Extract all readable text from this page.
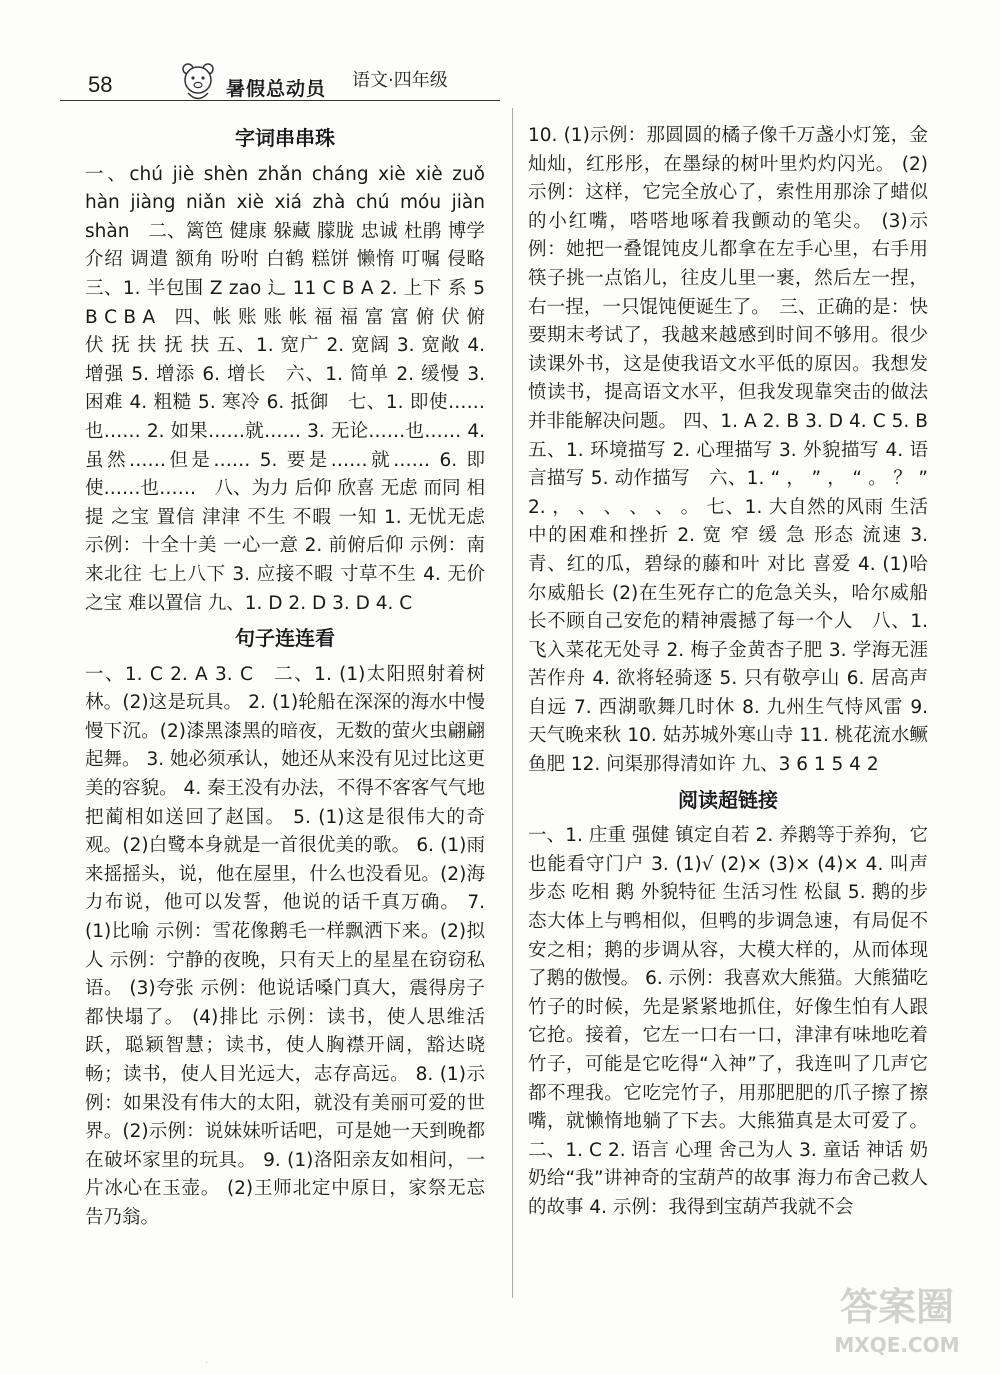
58	暑假总动员 语文·四年级
字词串串珠
一、chú jiè shèn zhǎn cháng xiè xiè zuǒ hàn jiàng niǎn xiè xiá zhà chú móu jiàn shàn　二、篱笆 健康 躲藏 朦胧 忠诚 杜鹃 博学 介绍 调遣 额角 吩咐 白鹤 糕饼 懒惰 叮嘱 侵略　三、1. 半包围 Z zao 辶 11 C B A 2. 上下 系 5 B C B A　四、帐 账 账 帐 福 福 富 富 俯 伏 俯 伏 抚 扶 抚 扶 五、1. 宽广 2. 宽阔 3. 宽敞 4. 增强 5. 增添 6. 增长　六、1. 简单 2. 缓慢 3. 困难 4. 粗糙 5. 寒冷 6. 抵御　七、1. 即使……也…… 2. 如果……就…… 3. 无论……也…… 4. 虽然……但是…… 5. 要是……就…… 6. 即使……也……　八、为力 后仰 欣喜 无虑 而同 相提 之宝 置信 津津 不生 不暇 一知 1. 无忧无虑 示例：十全十美 一心一意 2. 前俯后仰 示例：南来北往 七上八下 3. 应接不暇 寸草不生 4. 无价之宝 难以置信 九、1. D 2. D 3. D 4. C
句子连连看
一、1. C 2. A 3. C　二、1. (1)太阳照射着树林。(2)这是玩具。 2. (1)轮船在深深的海水中慢慢下沉。(2)漆黑漆黑的暗夜，无数的萤火虫翩翩起舞。 3. 她必须承认，她还从来没有见过比这更美的容貌。 4. 秦王没有办法，不得不客客气气地把蔺相如送回了赵国。 5. (1)这是很伟大的奇观。(2)白鹭本身就是一首很优美的歌。 6. (1)雨来摇摇头，说，他在屋里，什么也没看见。(2)海力布说，他可以发誓，他说的话千真万确。 7. (1)比喻 示例：雪花像鹅毛一样飘洒下来。(2)拟人 示例：宁静的夜晚，只有天上的星星在窃窃私语。 (3)夸张 示例：他说话嗓门真大，震得房子都快塌了。 (4)排比 示例：读书，使人思维活跃，聪颖智慧；读书，使人胸襟开阔，豁达晓畅；读书，使人目光远大，志存高远。 8. (1)示例：如果没有伟大的太阳，就没有美丽可爱的世界。(2)示例：说妹妹听话吧，可是她一天到晚都在破坏家里的玩具。 9. (1)洛阳亲友如相问，一片冰心在玉壶。 (2)王师北定中原日，家祭无忘告乃翁。
10. (1)示例：那圆圆的橘子像千万盏小灯笼，金灿灿，红彤彤，在墨绿的树叶里灼灼闪光。 (2)示例：这样，它完全放心了，索性用那涂了蜡似的小红嘴，嗒嗒地啄着我颤动的笔尖。 (3)示例：她把一叠馄饨皮儿都拿在左手心里，右手用筷子挑一点馅儿，往皮儿里一裹，然后左一捏，右一捏，一只馄饨便诞生了。　三、正确的是：快要期末考试了，我越来越感到时间不够用。很少读课外书，这是使我语文水平低的原因。我想发愤读书，提高语文水平，但我发现靠突击的做法并非能解决问题。 四、1. A 2. B 3. D 4. C 5. B　五、1. 环境描写 2. 心理描写 3. 外貌描写 4. 语言描写 5. 动作描写　六、1. “ ， ” ， “ 。 ？ ” 2. ， 、 、 、 、 。 七、1. 大自然的风雨 生活中的困难和挫折 2. 宽 窄 缓 急 形态 流速 3. 青、红的瓜，碧绿的藤和叶 对比 喜爱 4. (1)哈尔威船长 (2)在生死存亡的危急关头，哈尔威船长不顾自己安危的精神震撼了每一个人　八、1. 飞入菜花无处寻 2. 梅子金黄杏子肥 3. 学海无涯苦作舟 4. 欲将轻骑逐 5. 只有敬亭山 6. 居高声自远 7. 西湖歌舞几时休 8. 九州生气恃风雷 9. 天气晚来秋 10. 姑苏城外寒山寺 11. 桃花流水鳜鱼肥 12. 问渠那得清如许 九、3 6 1 5 4 2
阅读超链接
一、1. 庄重 强健 镇定自若 2. 养鹅等于养狗，它也能看守门户 3. (1)√ (2)× (3)× (4)× 4. 叫声 步态 吃相 鹅 外貌特征 生活习性 松鼠 5. 鹅的步态大体上与鸭相似，但鸭的步调急速，有局促不安之相；鹅的步调从容，大模大样的，从而体现了鹅的傲慢。 6. 示例：我喜欢大熊猫。大熊猫吃竹子的时候，先是紧紧地抓住，好像生怕有人跟它抢。接着，它左一口右一口，津津有味地吃着竹子，可能是它吃得“入神”了，我连叫了几声它都不理我。它吃完竹子，用那肥肥的爪子擦了擦嘴，就懒惰地躺了下去。大熊猫真是太可爱了。 二、1. C 2. 语言 心理 舍己为人 3. 童话 神话 奶奶给“我”讲神奇的宝葫芦的故事 海力布舍己救人的故事 4. 示例：我得到宝葫芦我就不会
·
答案圈
MXQE.COM
